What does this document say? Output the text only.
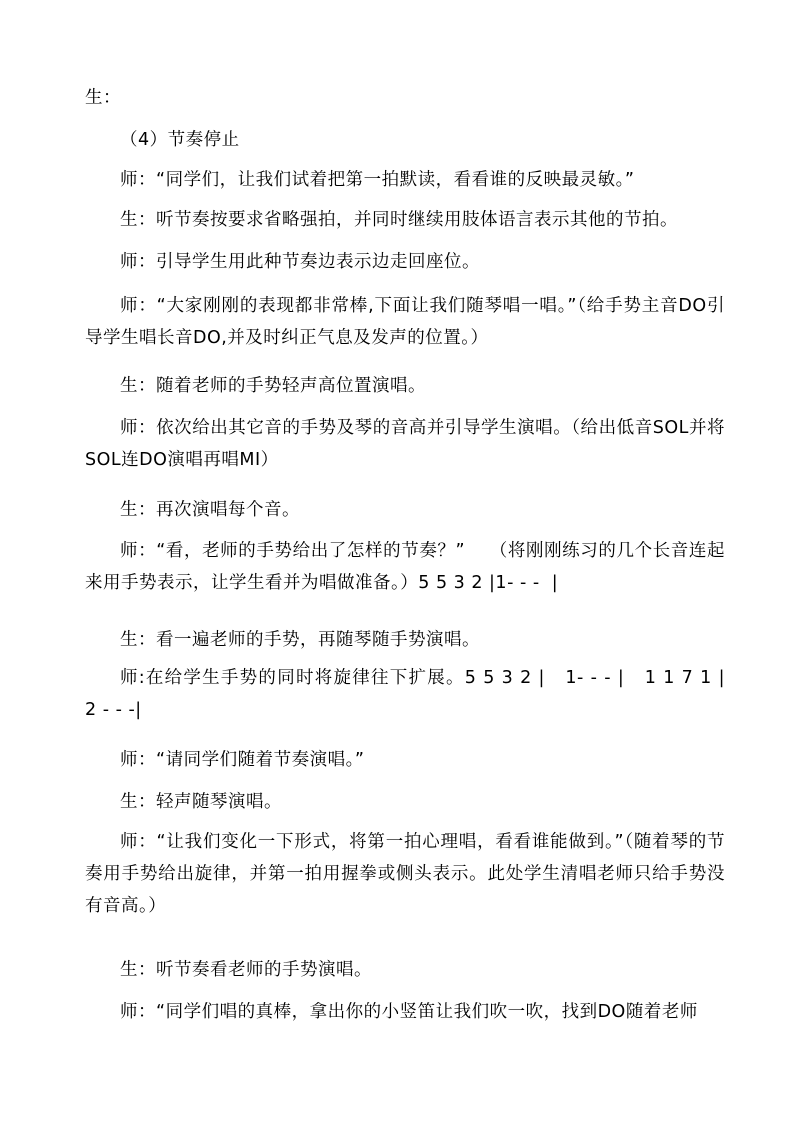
生：

（4）节奏停止

师：“同学们，让我们试着把第一拍默读，看看谁的反映最灵敏。”

生：听节奏按要求省略强拍，并同时继续用肢体语言表示其他的节拍。

师：引导学生用此种节奏边表示边走回座位。

师：“大家刚刚的表现都非常棒,下面让我们随琴唱一唱。”（给手势主音DO引导学生唱长音DO,并及时纠正气息及发声的位置。）

生：随着老师的手势轻声高位置演唱。

师：依次给出其它音的手势及琴的音高并引导学生演唱。（给出低音SOL并将SOL连DO演唱再唱MI）

生：再次演唱每个音。

师：“看，老师的手势给出了怎样的节奏？”    （将刚刚练习的几个长音连起来用手势表示，让学生看并为唱做准备。）5 5 3 2 |1- - -  |

生：看一遍老师的手势，再随琴随手势演唱。

师:在给学生手势的同时将旋律往下扩展。5 5 3 2 |   1- - - |   1 1 7 1 |   2 - - -|

师：“请同学们随着节奏演唱。”

生：轻声随琴演唱。

师：“让我们变化一下形式，将第一拍心理唱，看看谁能做到。”（随着琴的节奏用手势给出旋律，并第一拍用握拳或侧头表示。此处学生清唱老师只给手势没有音高。）

生：听节奏看老师的手势演唱。

师：“同学们唱的真棒，拿出你的小竖笛让我们吹一吹，找到DO随着老师
